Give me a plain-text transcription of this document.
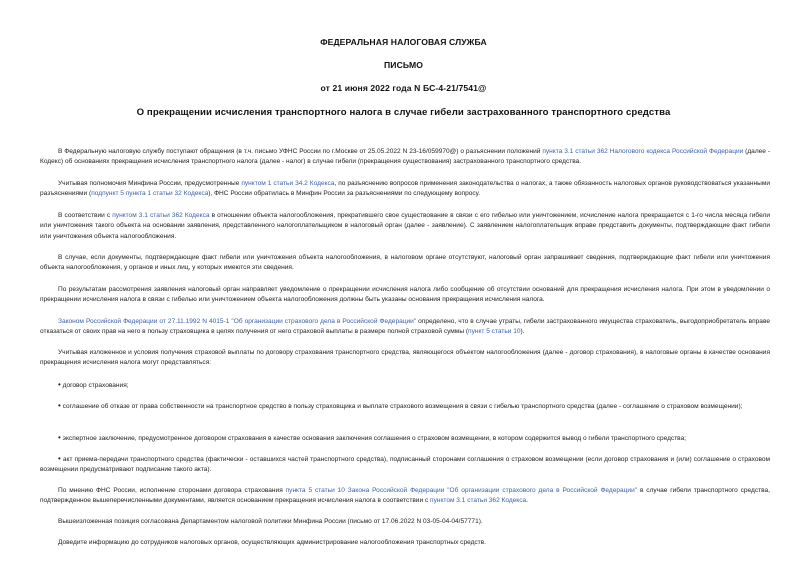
ФЕДЕРАЛЬНАЯ НАЛОГОВАЯ СЛУЖБА
ПИСЬМО
от 21 июня 2022 года N БС-4-21/7541@
О прекращении исчисления транспортного налога в случае гибели застрахованного транспортного средства

В Федеральную налоговую службу поступают обращения (в т.ч. письмо УФНС России по г.Москве от 25.05.2022 N 23-16/059970@) о разъяснении положений пункта 3.1 статьи 362 Налогового кодекса Российской Федерации (далее - Кодекс) об основаниях прекращения исчисления транспортного налога (далее - налог) в случае гибели (прекращения существования) застрахованного транспортного средства.

Учитывая полномочия Минфина России, предусмотренные пунктом 1 статьи 34.2 Кодекса, по разъяснению вопросов применения законодательства о налогах, а также обязанность налоговых органов руководствоваться указанными разъяснениями (подпункт 5 пункта 1 статьи 32 Кодекса), ФНС России обратилась в Минфин России за разъяснениями по следующему вопросу.

В соответствии с пунктом 3.1 статьи 362 Кодекса в отношении объекта налогообложения, прекратившего свое существование в связи с его гибелью или уничтожением, исчисление налога прекращается с 1-го числа месяца гибели или уничтожения такого объекта на основании заявления, представленного налогоплательщиком в налоговый орган (далее - заявление). С заявлением налогоплательщик вправе представить документы, подтверждающие факт гибели или уничтожения объекта налогообложения.

В случае, если документы, подтверждающие факт гибели или уничтожения объекта налогообложения, в налоговом органе отсутствуют, налоговый орган запрашивает сведения, подтверждающие факт гибели или уничтожения объекта налогообложения, у органов и иных лиц, у которых имеются эти сведения.

По результатам рассмотрения заявления налоговый орган направляет уведомление о прекращении исчисления налога либо сообщение об отсутствии оснований для прекращения исчисления налога. При этом в уведомлении о прекращении исчисления налога в связи с гибелью или уничтожением объекта налогообложения должны быть указаны основания прекращения исчисления налога.

Законом Российской Федерации от 27.11.1992 N 4015-1 "Об организации страхового дела в Российской Федерации" определено, что в случае утраты, гибели застрахованного имущества страхователь, выгодоприобретатель вправе отказаться от своих прав на него в пользу страховщика в целях получения от него страховой выплаты в размере полной страховой суммы (пункт 5 статьи 10).

Учитывая изложенное и условия получения страховой выплаты по договору страхования транспортного средства, являющегося объектом налогообложения (далее - договор страхования), в налоговые органы в качестве основания прекращения исчисления налога могут представляться:

• договор страхования;

• соглашение об отказе от права собственности на транспортное средство в пользу страховщика и выплате страхового возмещения в связи с гибелью транспортного средства (далее - соглашение о страховом возмещении);

• экспертное заключение, предусмотренное договором страхования в качестве основания заключения соглашения о страховом возмещении, в котором содержится вывод о гибели транспортного средства;

• акт приема-передачи транспортного средства (фактически - оставшихся частей транспортного средства), подписанный сторонами соглашения о страховом возмещении (если договор страхования и (или) соглашение о страховом возмещении предусматривают подписание такого акта).

По мнению ФНС России, исполнение сторонами договора страхования пункта 5 статьи 10 Закона Российской Федерации "Об организации страхового дела в Российской Федерации" в случае гибели транспортного средства, подтвержденное вышеперечисленными документами, является основанием прекращения исчисления налога в соответствии с пунктом 3.1 статьи 362 Кодекса.

Вышеизложенная позиция согласована Департаментом налоговой политики Минфина России (письмо от 17.06.2022 N 03-05-04-04/57771).

Доведите информацию до сотрудников налоговых органов, осуществляющих администрирование налогообложения транспортных средств.
